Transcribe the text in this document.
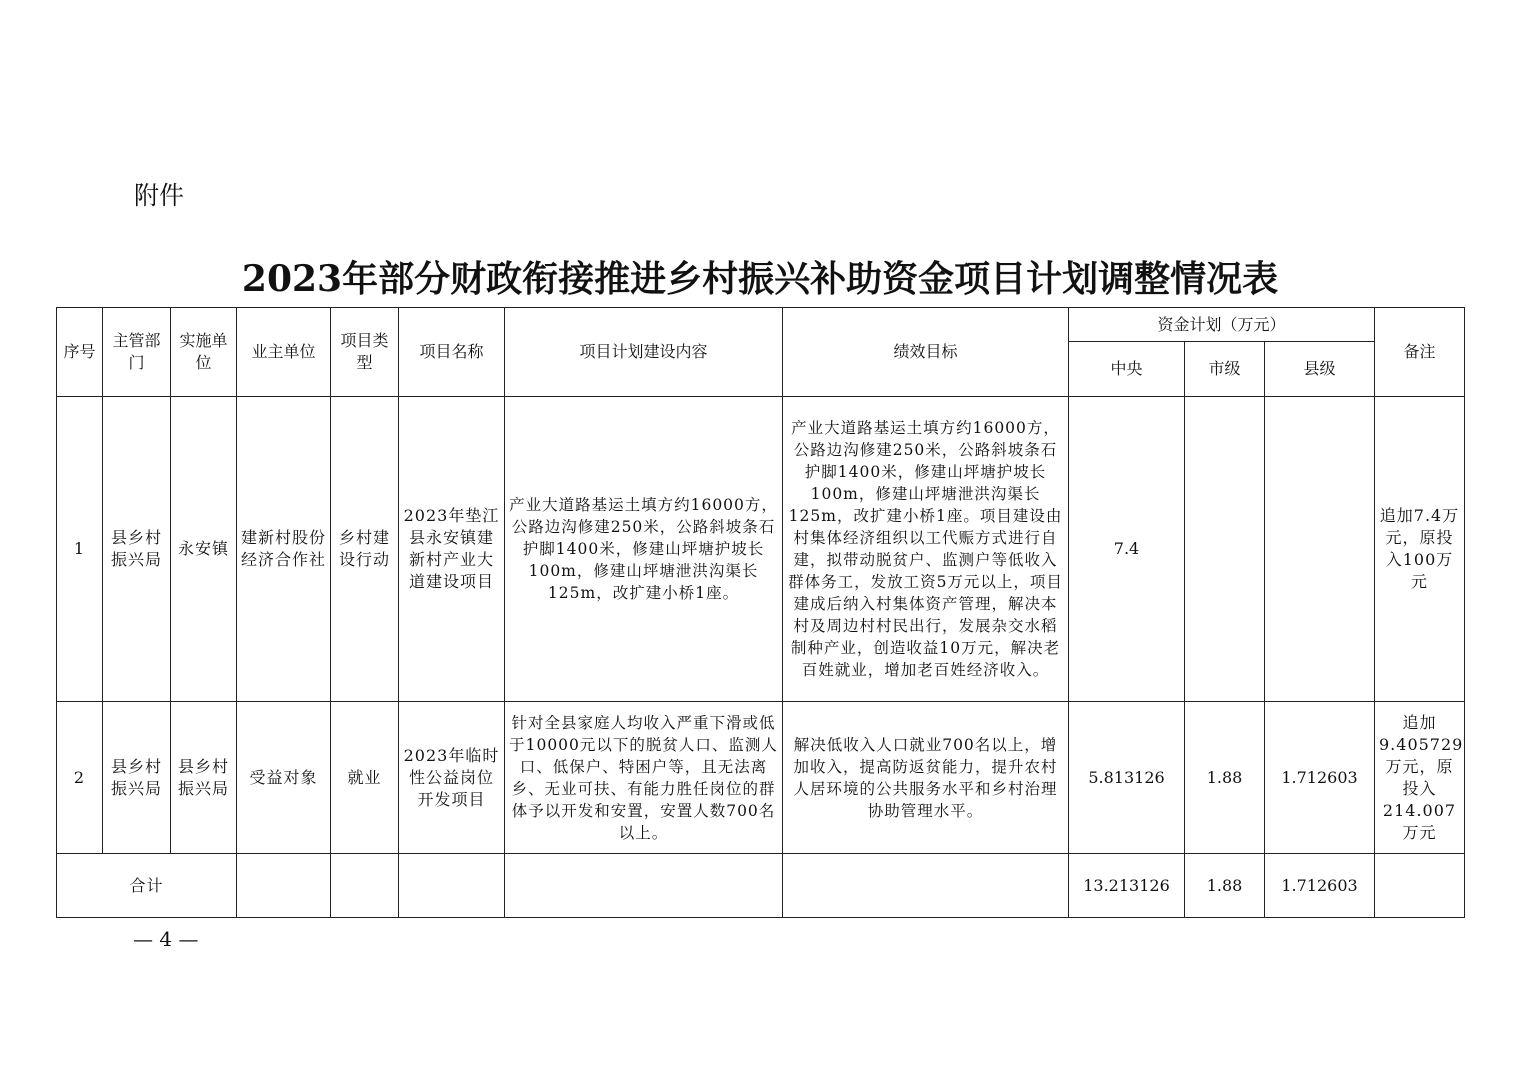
附件
2023年部分财政衔接推进乡村振兴补助资金项目计划调整情况表
序号	主管部门	实施单位	业主单位	项目类型	项目名称	项目计划建设内容	绩效目标	资金计划（万元）			备注
								中央	市级	县级	
1	县乡村振兴局	永安镇	建新村股份经济合作社	乡村建设行动	2023年垫江县永安镇建新村产业大道建设项目	产业大道路基运土填方约16000方，公路边沟修建250米，公路斜坡条石护脚1400米，修建山坪塘护坡长100m，修建山坪塘泄洪沟渠长125m，改扩建小桥1座。	产业大道路基运土填方约16000方，公路边沟修建250米，公路斜坡条石护脚1400米，修建山坪塘护坡长100m，修建山坪塘泄洪沟渠长125m，改扩建小桥1座。项目建设由村集体经济组织以工代赈方式进行自建，拟带动脱贫户、监测户等低收入群体务工，发放工资5万元以上，项目建成后纳入村集体资产管理，解决本村及周边村村民出行，发展杂交水稻制种产业，创造收益10万元，解决老百姓就业，增加老百姓经济收入。	7.4			追加7.4万元，原投入100万元
2	县乡村振兴局	县乡村振兴局	受益对象	就业	2023年临时性公益岗位开发项目	针对全县家庭人均收入严重下滑或低于10000元以下的脱贫人口、监测人口、低保户、特困户等，且无法离乡、无业可扶、有能力胜任岗位的群体予以开发和安置，安置人数700名以上。	解决低收入人口就业700名以上，增加收入，提高防返贫能力，提升农村人居环境的公共服务水平和乡村治理协助管理水平。	5.813126	1.88	1.712603	追加9.405729万元，原投入214.007万元
合计								13.213126	1.88	1.712603	
— 4 —
